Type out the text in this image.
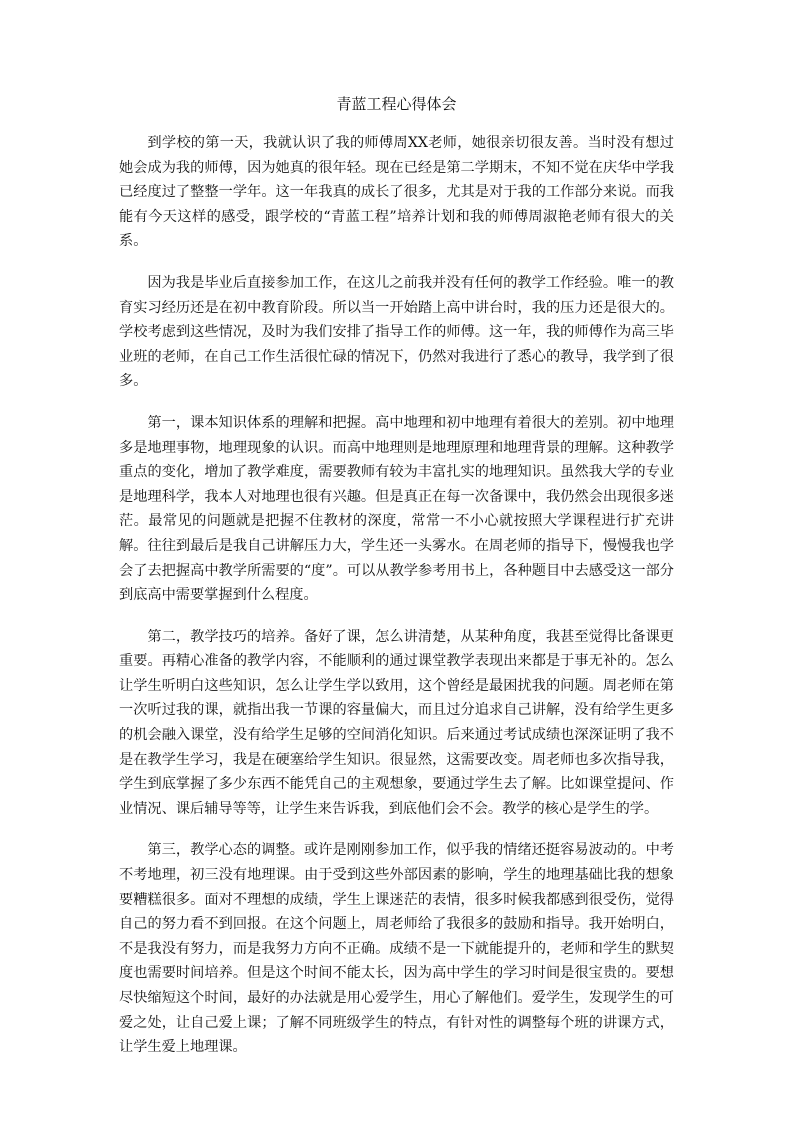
青蓝工程心得体会

到学校的第一天，我就认识了我的师傅周XX老师，她很亲切很友善。当时没有想过她会成为我的师傅，因为她真的很年轻。现在已经是第二学期末，不知不觉在庆华中学我已经度过了整整一学年。这一年我真的成长了很多，尤其是对于我的工作部分来说。而我能有今天这样的感受，跟学校的“青蓝工程”培养计划和我的师傅周淑艳老师有很大的关系。

因为我是毕业后直接参加工作，在这儿之前我并没有任何的教学工作经验。唯一的教育实习经历还是在初中教育阶段。所以当一开始踏上高中讲台时，我的压力还是很大的。学校考虑到这些情况，及时为我们安排了指导工作的师傅。这一年，我的师傅作为高三毕业班的老师，在自己工作生活很忙碌的情况下，仍然对我进行了悉心的教导，我学到了很多。

第一，课本知识体系的理解和把握。高中地理和初中地理有着很大的差别。初中地理多是地理事物，地理现象的认识。而高中地理则是地理原理和地理背景的理解。这种教学重点的变化，增加了教学难度，需要教师有较为丰富扎实的地理知识。虽然我大学的专业是地理科学，我本人对地理也很有兴趣。但是真正在每一次备课中，我仍然会出现很多迷茫。最常见的问题就是把握不住教材的深度，常常一不小心就按照大学课程进行扩充讲解。往往到最后是我自己讲解压力大，学生还一头雾水。在周老师的指导下，慢慢我也学会了去把握高中教学所需要的“度”。可以从教学参考用书上，各种题目中去感受这一部分到底高中需要掌握到什么程度。

第二，教学技巧的培养。备好了课，怎么讲清楚，从某种角度，我甚至觉得比备课更重要。再精心准备的教学内容，不能顺利的通过课堂教学表现出来都是于事无补的。怎么让学生听明白这些知识，怎么让学生学以致用，这个曾经是最困扰我的问题。周老师在第一次听过我的课，就指出我一节课的容量偏大，而且过分追求自己讲解，没有给学生更多的机会融入课堂，没有给学生足够的空间消化知识。后来通过考试成绩也深深证明了我不是在教学生学习，我是在硬塞给学生知识。很显然，这需要改变。周老师也多次指导我，学生到底掌握了多少东西不能凭自己的主观想象，要通过学生去了解。比如课堂提问、作业情况、课后辅导等等，让学生来告诉我，到底他们会不会。教学的核心是学生的学。

第三，教学心态的调整。或许是刚刚参加工作，似乎我的情绪还挺容易波动的。中考不考地理，初三没有地理课。由于受到这些外部因素的影响，学生的地理基础比我的想象要糟糕很多。面对不理想的成绩，学生上课迷茫的表情，很多时候我都感到很受伤，觉得自己的努力看不到回报。在这个问题上，周老师给了我很多的鼓励和指导。我开始明白，不是我没有努力，而是我努力方向不正确。成绩不是一下就能提升的，老师和学生的默契度也需要时间培养。但是这个时间不能太长，因为高中学生的学习时间是很宝贵的。要想尽快缩短这个时间，最好的办法就是用心爱学生，用心了解他们。爱学生，发现学生的可爱之处，让自己爱上课；了解不同班级学生的特点，有针对性的调整每个班的讲课方式，让学生爱上地理课。
